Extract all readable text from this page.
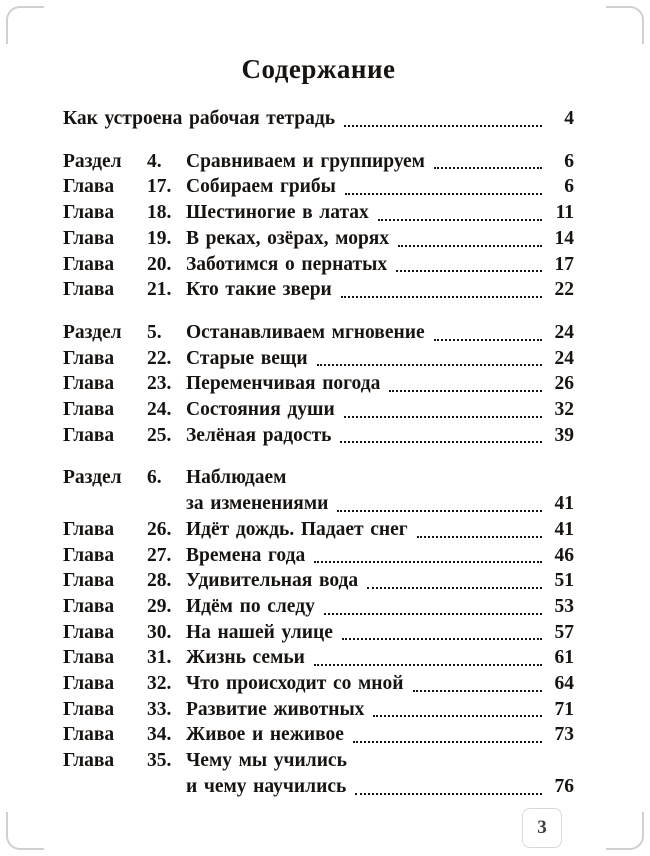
Содержание
Как устроена рабочая тетрадь	4
Раздел	4.	Сравниваем и группируем	6
Глава	17. Собираем грибы	6
Глава	18. Шестиногие в латах	11
Глава	19. В реках, озёрах, морях	14
Глава	20. Заботимся о пернатых	17
Глава	21. Кто такие звери	22
Раздел	5.	Останавливаем мгновение	24
Глава	22. Старые вещи	24
Глава	23. Переменчивая погода	26
Глава	24. Состояния души	32
Глава	25. Зелёная радость	39
Раздел	6.	Наблюдаем
за изменениями	41
Глава	26. Идёт дождь. Падает снег	41
Глава	27. Времена года	46
Глава	28. Удивительная вода	51
Глава	29. Идём по следу	53
Глава	30. На нашей улице	57
Глава	31. Жизнь семьи	61
Глава	32. Что происходит со мной	64
Глава	33. Развитие животных	71
Глава	34. Живое и неживое	73
Глава	35. Чему мы учились
и чему научились	76
3
